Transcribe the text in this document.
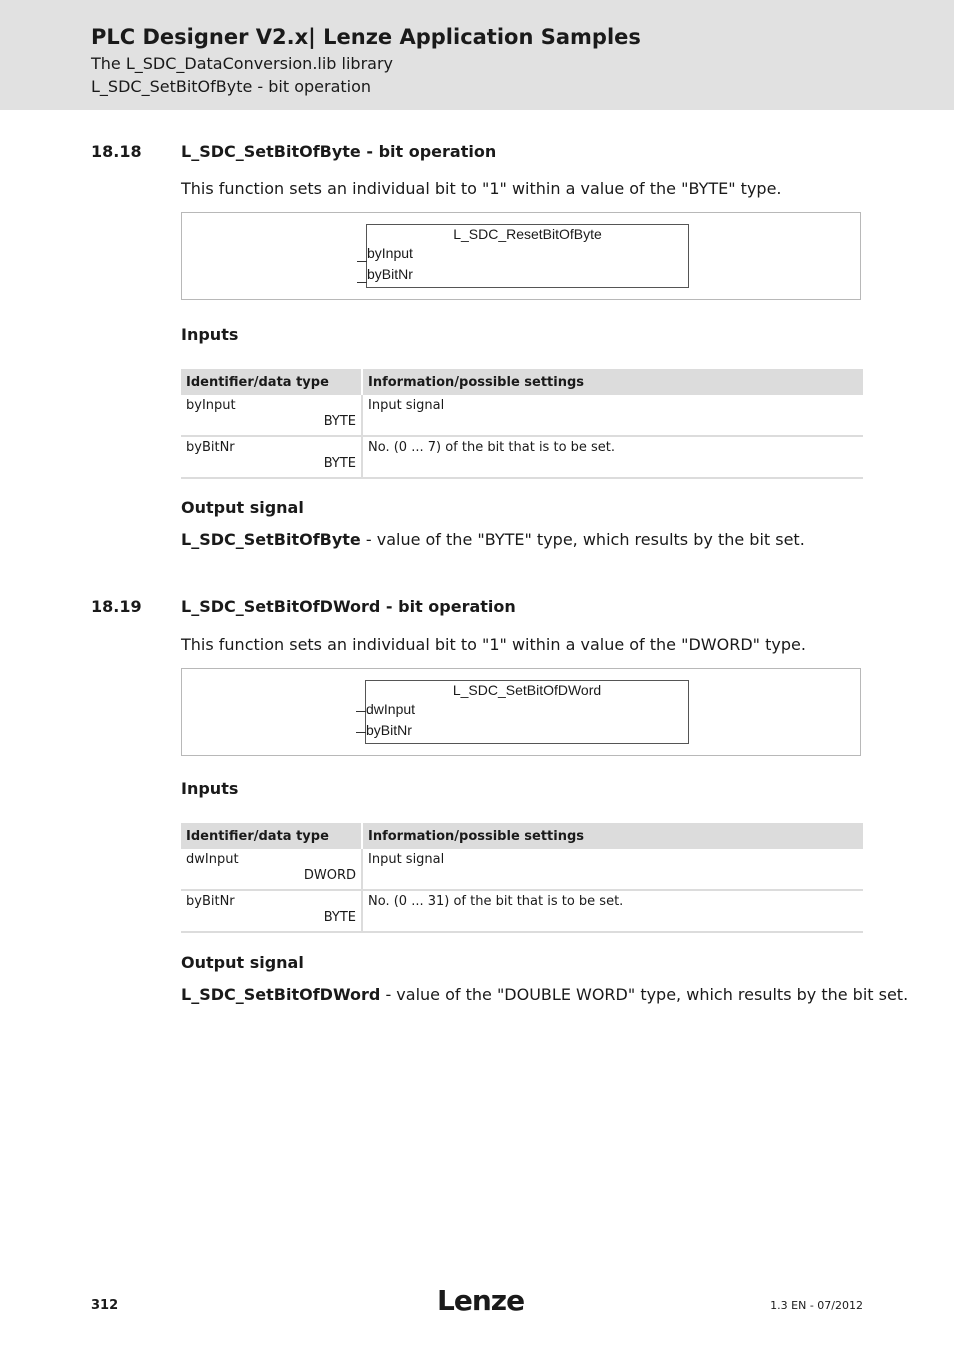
PLC Designer V2.x| Lenze Application Samples
The L_SDC_DataConversion.lib library
L_SDC_SetBitOfByte - bit operation
18.18 L_SDC_SetBitOfByte - bit operation
This function sets an individual bit to "1" within a value of the "BYTE" type.
L_SDC_ResetBitOfByte
byInput
byBitNr
Inputs
Identifier/data type	Information/possible settings

byInput
BYTE	Input signal

byBitNr
BYTE	No. (0 ... 7) of the bit that is to be set.
Output signal
L_SDC_SetBitOfByte - value of the "BYTE" type, which results by the bit set.
18.19 L_SDC_SetBitOfDWord - bit operation
This function sets an individual bit to "1" within a value of the "DWORD" type.
L_SDC_SetBitOfDWord
dwInput
byBitNr
Inputs
Identifier/data type	Information/possible settings

dwInput
DWORD	Input signal

byBitNr
BYTE	No. (0 ... 31) of the bit that is to be set.
Output signal
L_SDC_SetBitOfDWord - value of the "DOUBLE WORD" type, which results by the bit set.
312	Lenze	1.3 EN - 07/2012
